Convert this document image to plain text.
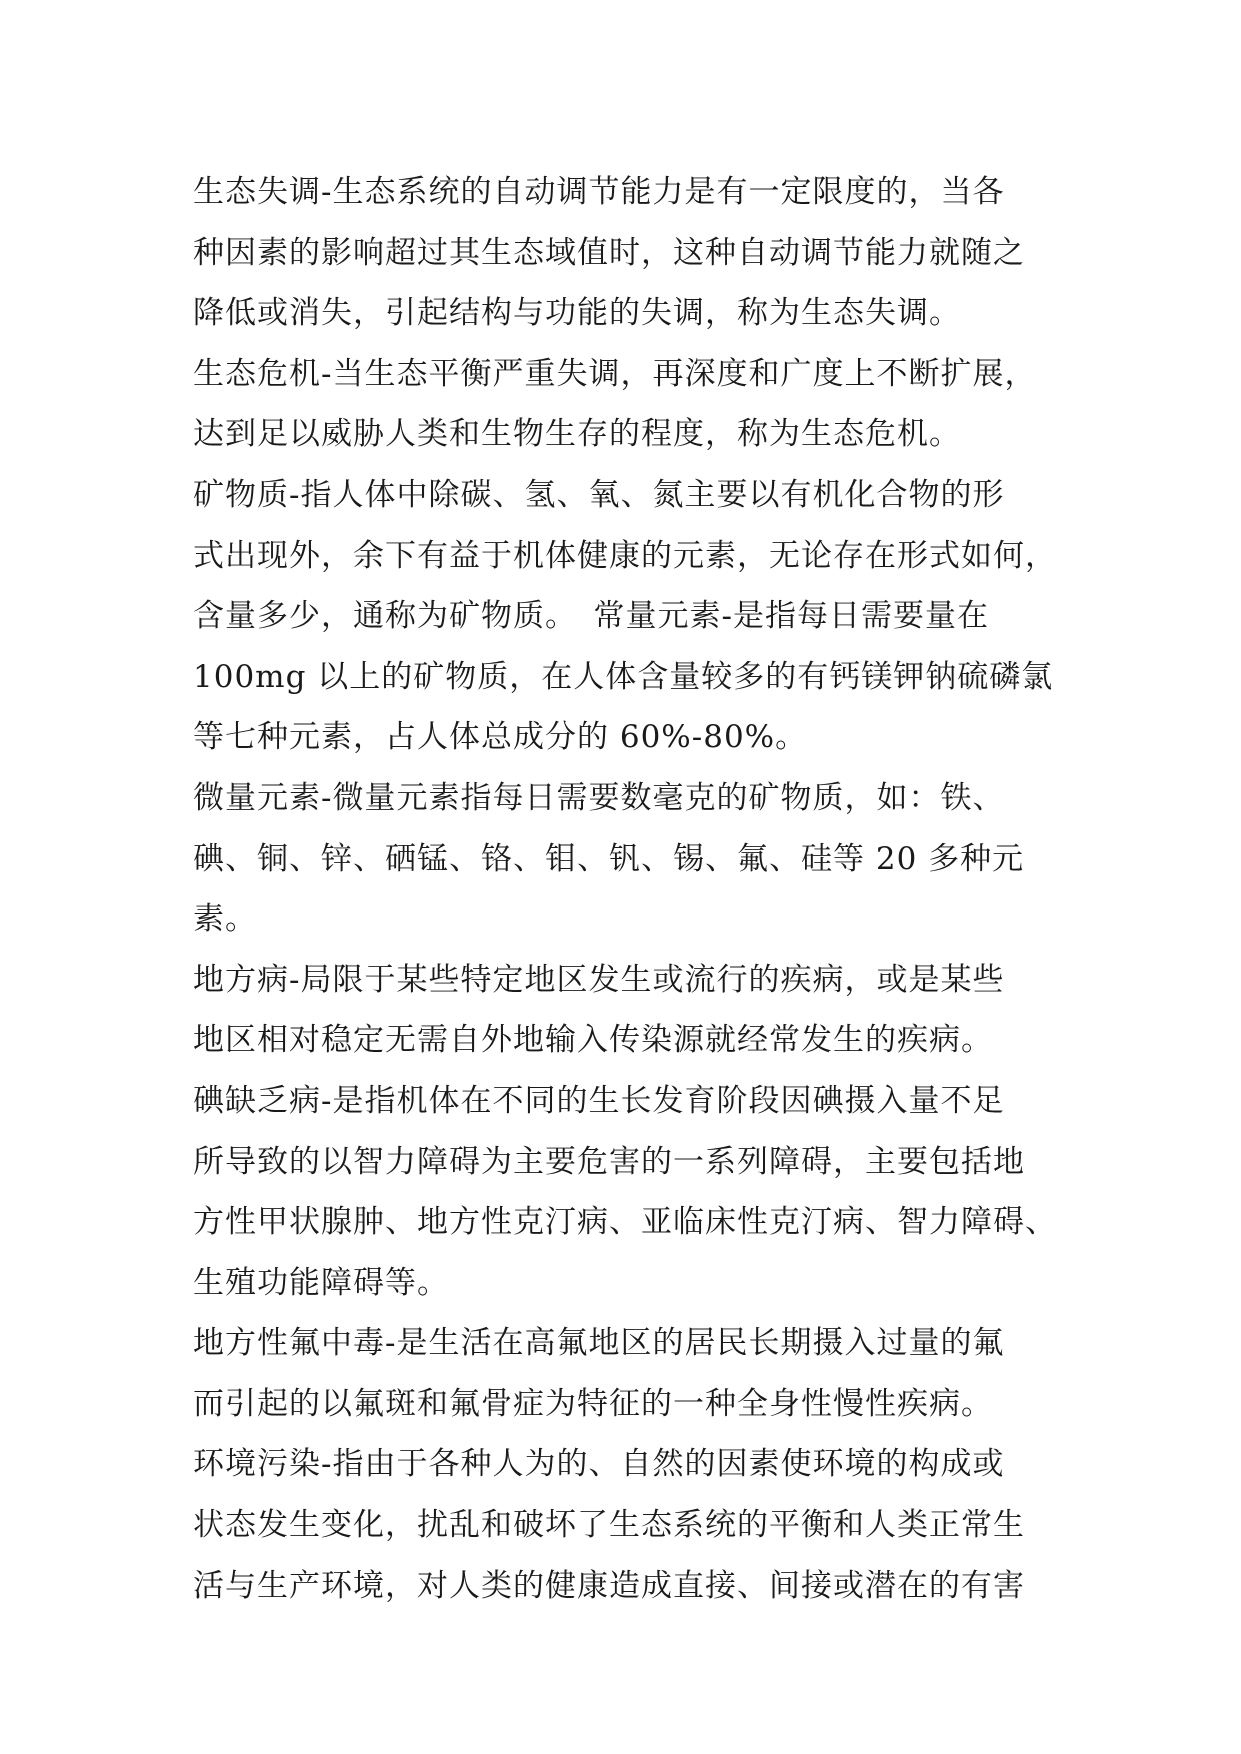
生态失调-生态系统的自动调节能力是有一定限度的，当各
种因素的影响超过其生态域值时，这种自动调节能力就随之
降低或消失，引起结构与功能的失调，称为生态失调。
生态危机-当生态平衡严重失调，再深度和广度上不断扩展，
达到足以威胁人类和生物生存的程度，称为生态危机。
矿物质-指人体中除碳、氢、氧、氮主要以有机化合物的形
式出现外，余下有益于机体健康的元素，无论存在形式如何，
含量多少，通称为矿物质。　常量元素-是指每日需要量在
100mg 以上的矿物质，在人体含量较多的有钙镁钾钠硫磷氯
等七种元素，占人体总成分的 60%-80%。
微量元素-微量元素指每日需要数毫克的矿物质，如：铁、
碘、铜、锌、硒锰、铬、钼、钒、锡、氟、硅等 20 多种元
素。
地方病-局限于某些特定地区发生或流行的疾病，或是某些
地区相对稳定无需自外地输入传染源就经常发生的疾病。
碘缺乏病-是指机体在不同的生长发育阶段因碘摄入量不足
所导致的以智力障碍为主要危害的一系列障碍，主要包括地
方性甲状腺肿、地方性克汀病、亚临床性克汀病、智力障碍、
生殖功能障碍等。
地方性氟中毒-是生活在高氟地区的居民长期摄入过量的氟
而引起的以氟斑和氟骨症为特征的一种全身性慢性疾病。
环境污染-指由于各种人为的、自然的因素使环境的构成或
状态发生变化，扰乱和破坏了生态系统的平衡和人类正常生
活与生产环境，对人类的健康造成直接、间接或潜在的有害
